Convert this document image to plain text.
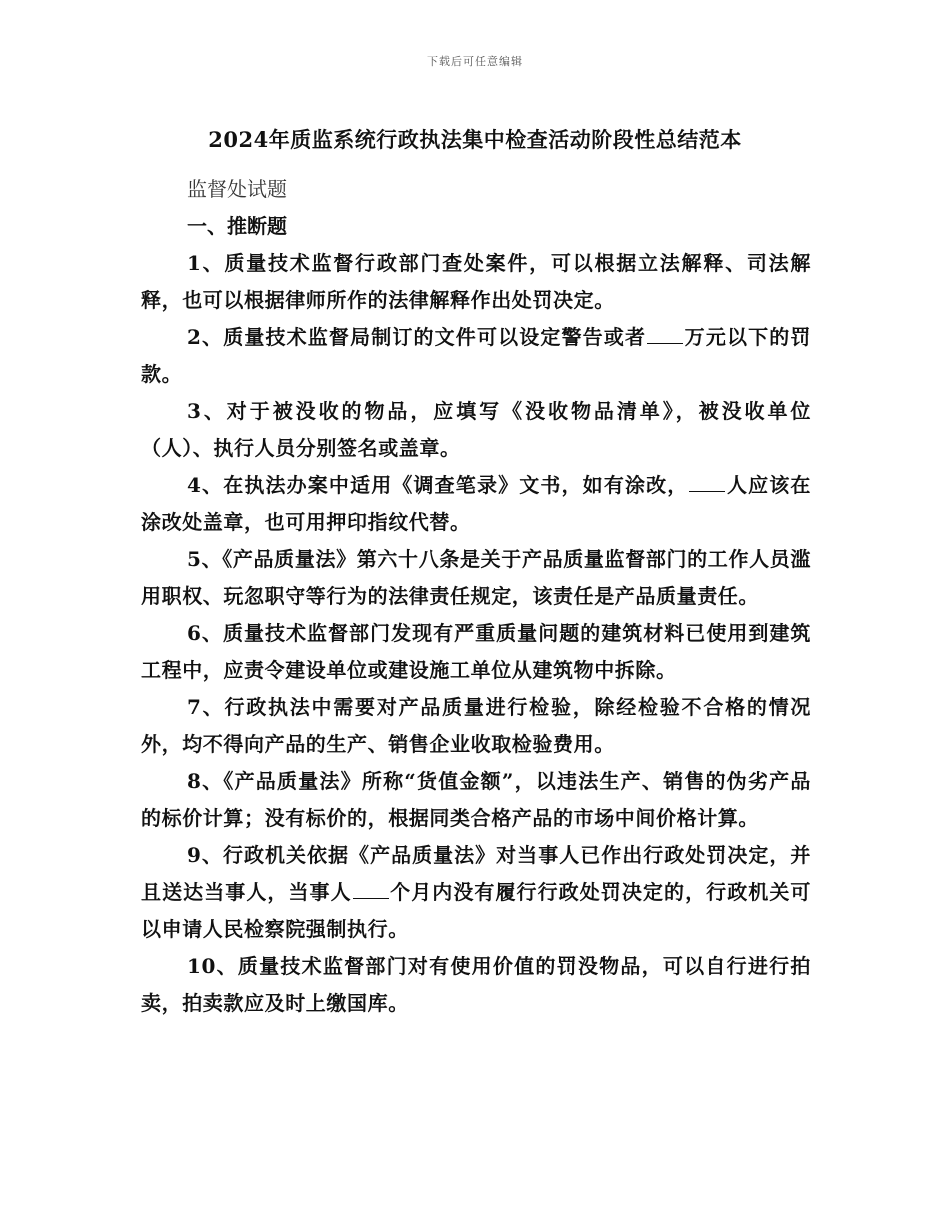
下载后可任意编辑
2024年质监系统行政执法集中检查活动阶段性总结范本
监督处试题
一、推断题

1、质量技术监督行政部门查处案件，可以根据立法解释、司法解释，也可以根据律师所作的法律解释作出处罚决定。

2、质量技术监督局制订的文件可以设定警告或者 万元以下的罚款。

3、对于被没收的物品，应填写《没收物品清单》，被没收单位（人）、执行人员分别签名或盖章。

4、在执法办案中适用《调查笔录》文书，如有涂改， 人应该在涂改处盖章，也可用押印指纹代替。

5、《产品质量法》第六十八条是关于产品质量监督部门的工作人员滥用职权、玩忽职守等行为的法律责任规定，该责任是产品质量责任。

6、质量技术监督部门发现有严重质量问题的建筑材料已使用到建筑工程中，应责令建设单位或建设施工单位从建筑物中拆除。

7、行政执法中需要对产品质量进行检验，除经检验不合格的情况外，均不得向产品的生产、销售企业收取检验费用。

8、《产品质量法》所称“货值金额”，以违法生产、销售的伪劣产品的标价计算；没有标价的，根据同类合格产品的市场中间价格计算。

9、行政机关依据《产品质量法》对当事人已作出行政处罚决定，并且送达当事人，当事人 个月内没有履行行政处罚决定的，行政机关可以申请人民检察院强制执行。

10、质量技术监督部门对有使用价值的罚没物品，可以自行进行拍卖，拍卖款应及时上缴国库。
